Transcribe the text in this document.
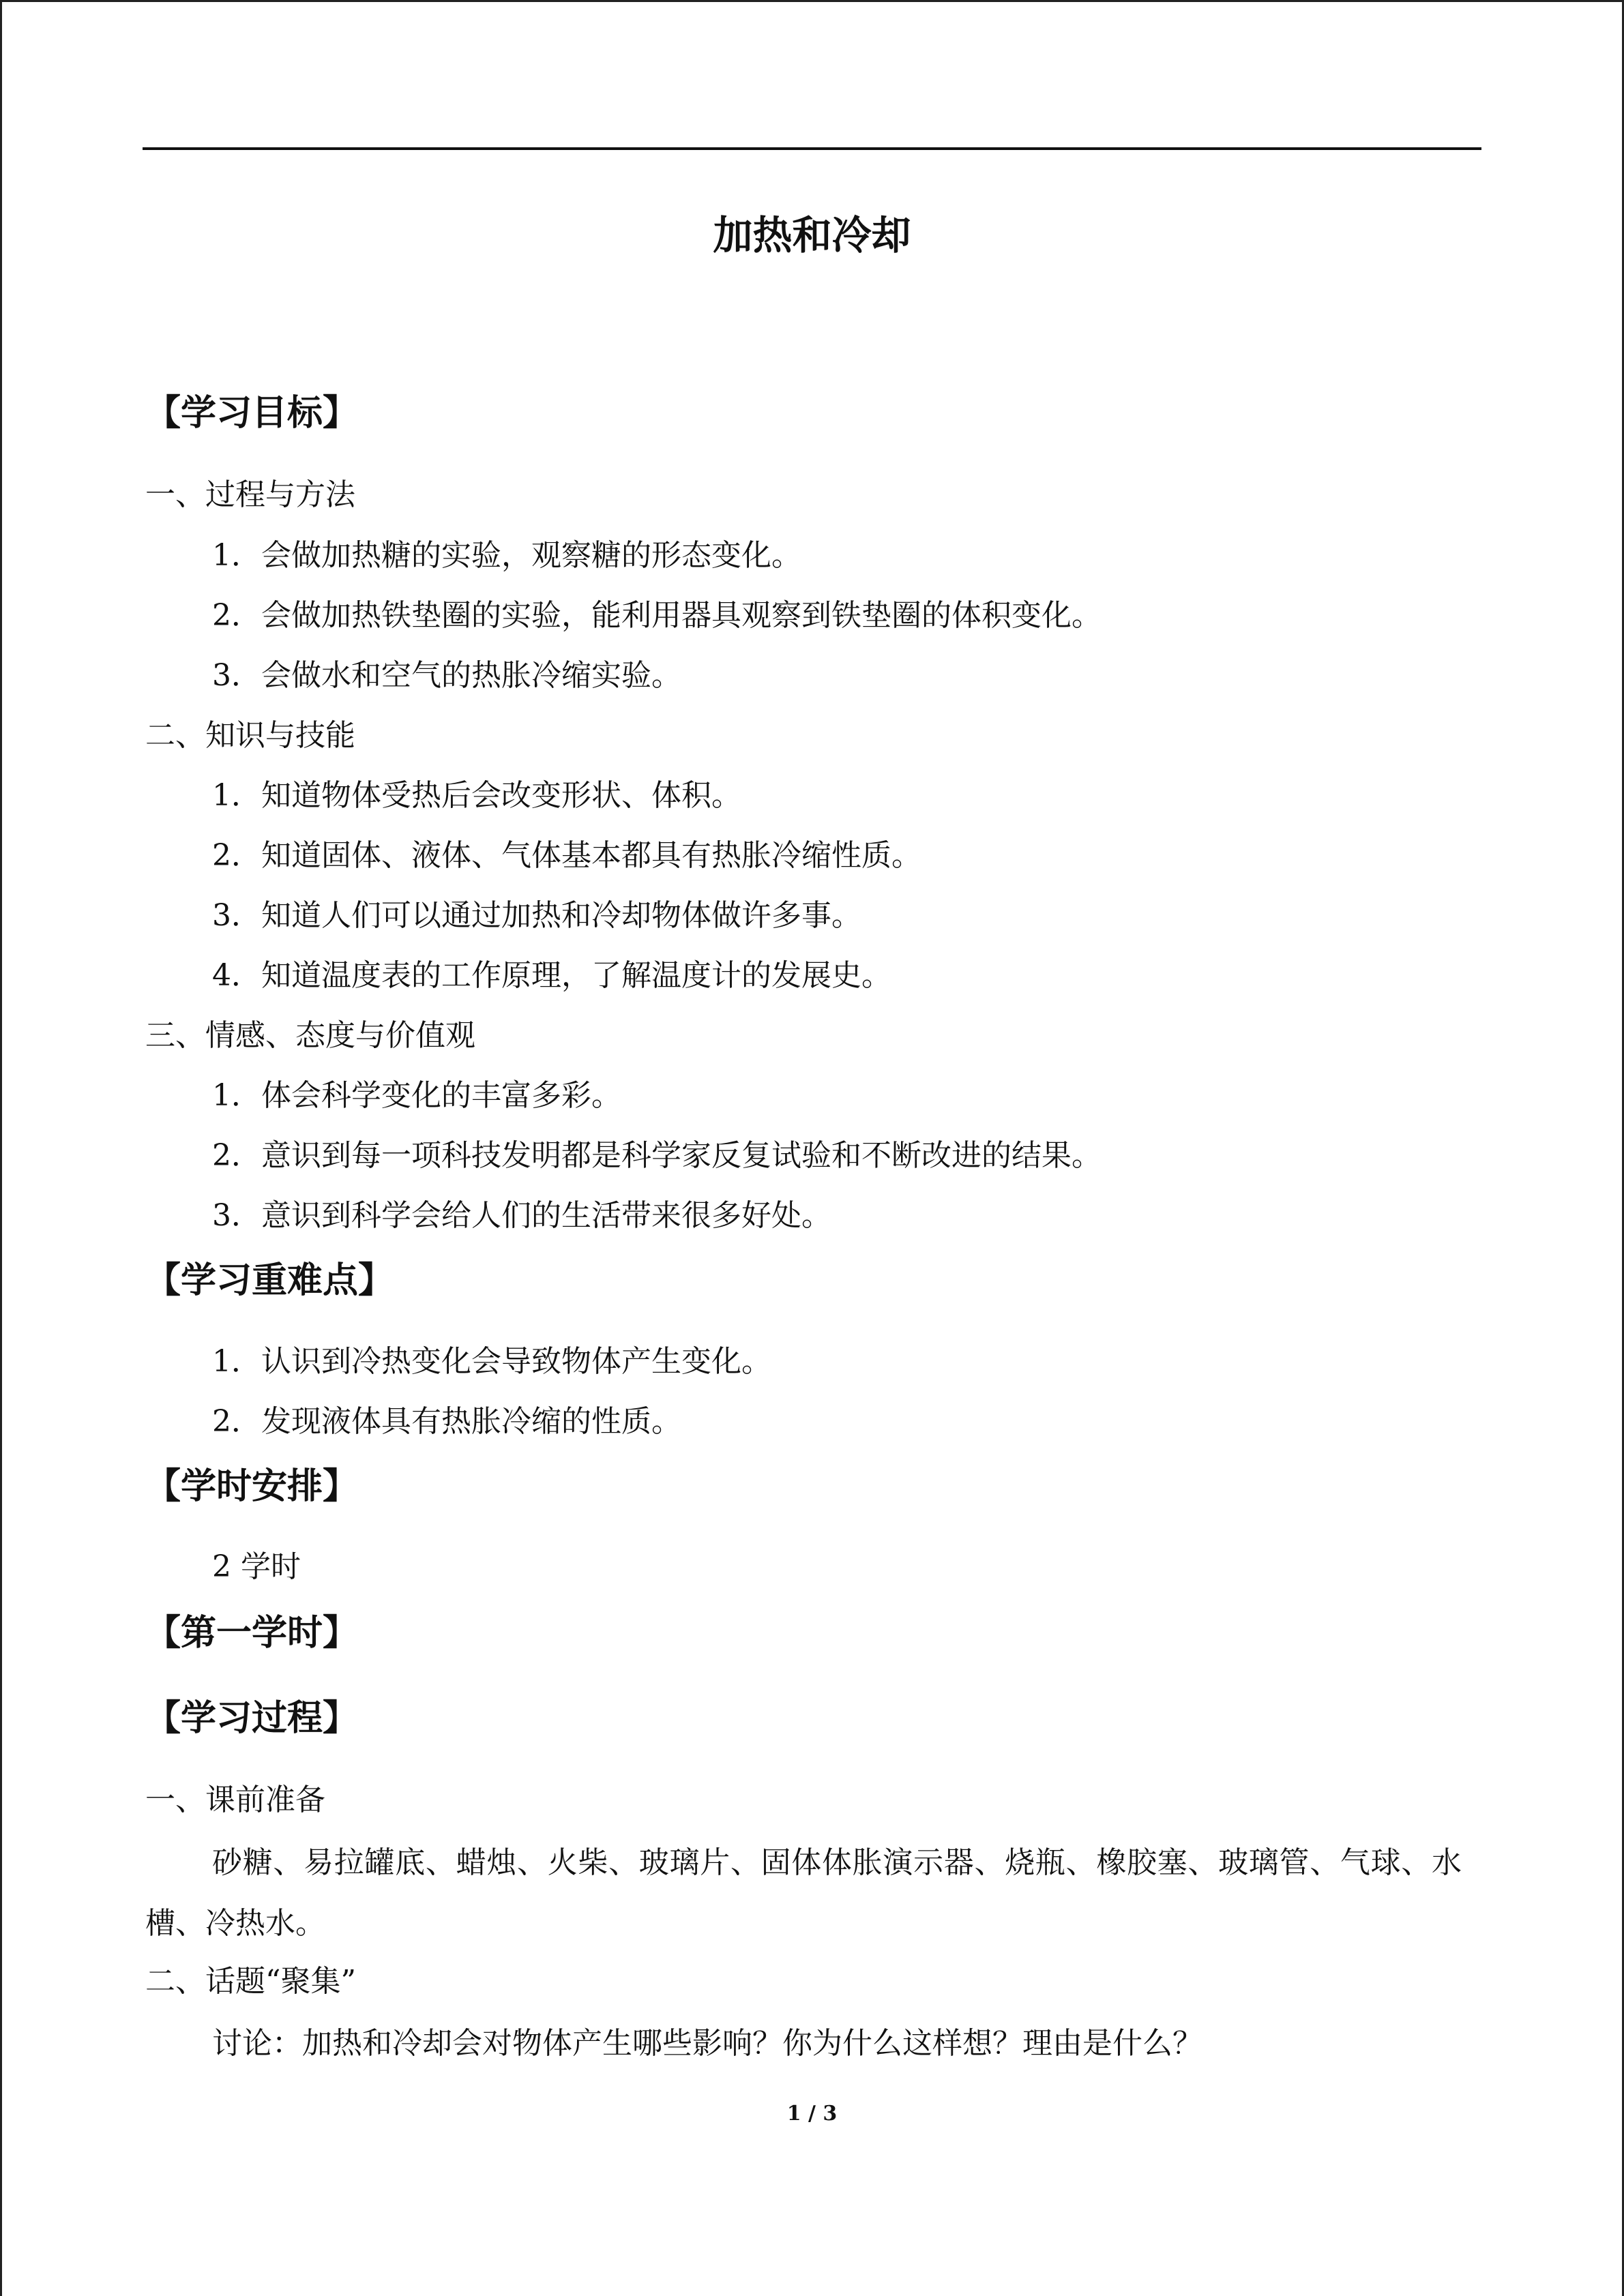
加热和冷却
【学习目标】
一、过程与方法
1．会做加热糖的实验，观察糖的形态变化。
2．会做加热铁垫圈的实验，能利用器具观察到铁垫圈的体积变化。
3．会做水和空气的热胀冷缩实验。
二、知识与技能
1．知道物体受热后会改变形状、体积。
2．知道固体、液体、气体基本都具有热胀冷缩性质。
3．知道人们可以通过加热和冷却物体做许多事。
4．知道温度表的工作原理，了解温度计的发展史。
三、情感、态度与价值观
1．体会科学变化的丰富多彩。
2．意识到每一项科技发明都是科学家反复试验和不断改进的结果。
3．意识到科学会给人们的生活带来很多好处。
【学习重难点】
1．认识到冷热变化会导致物体产生变化。
2．发现液体具有热胀冷缩的性质。
【学时安排】
2 学时
【第一学时】
【学习过程】
一、课前准备
砂糖、易拉罐底、蜡烛、火柴、玻璃片、固体体胀演示器、烧瓶、橡胶塞、玻璃管、气球、水槽、冷热水。
二、话题“聚集”
讨论：加热和冷却会对物体产生哪些影响？你为什么这样想？理由是什么？
1 / 3
